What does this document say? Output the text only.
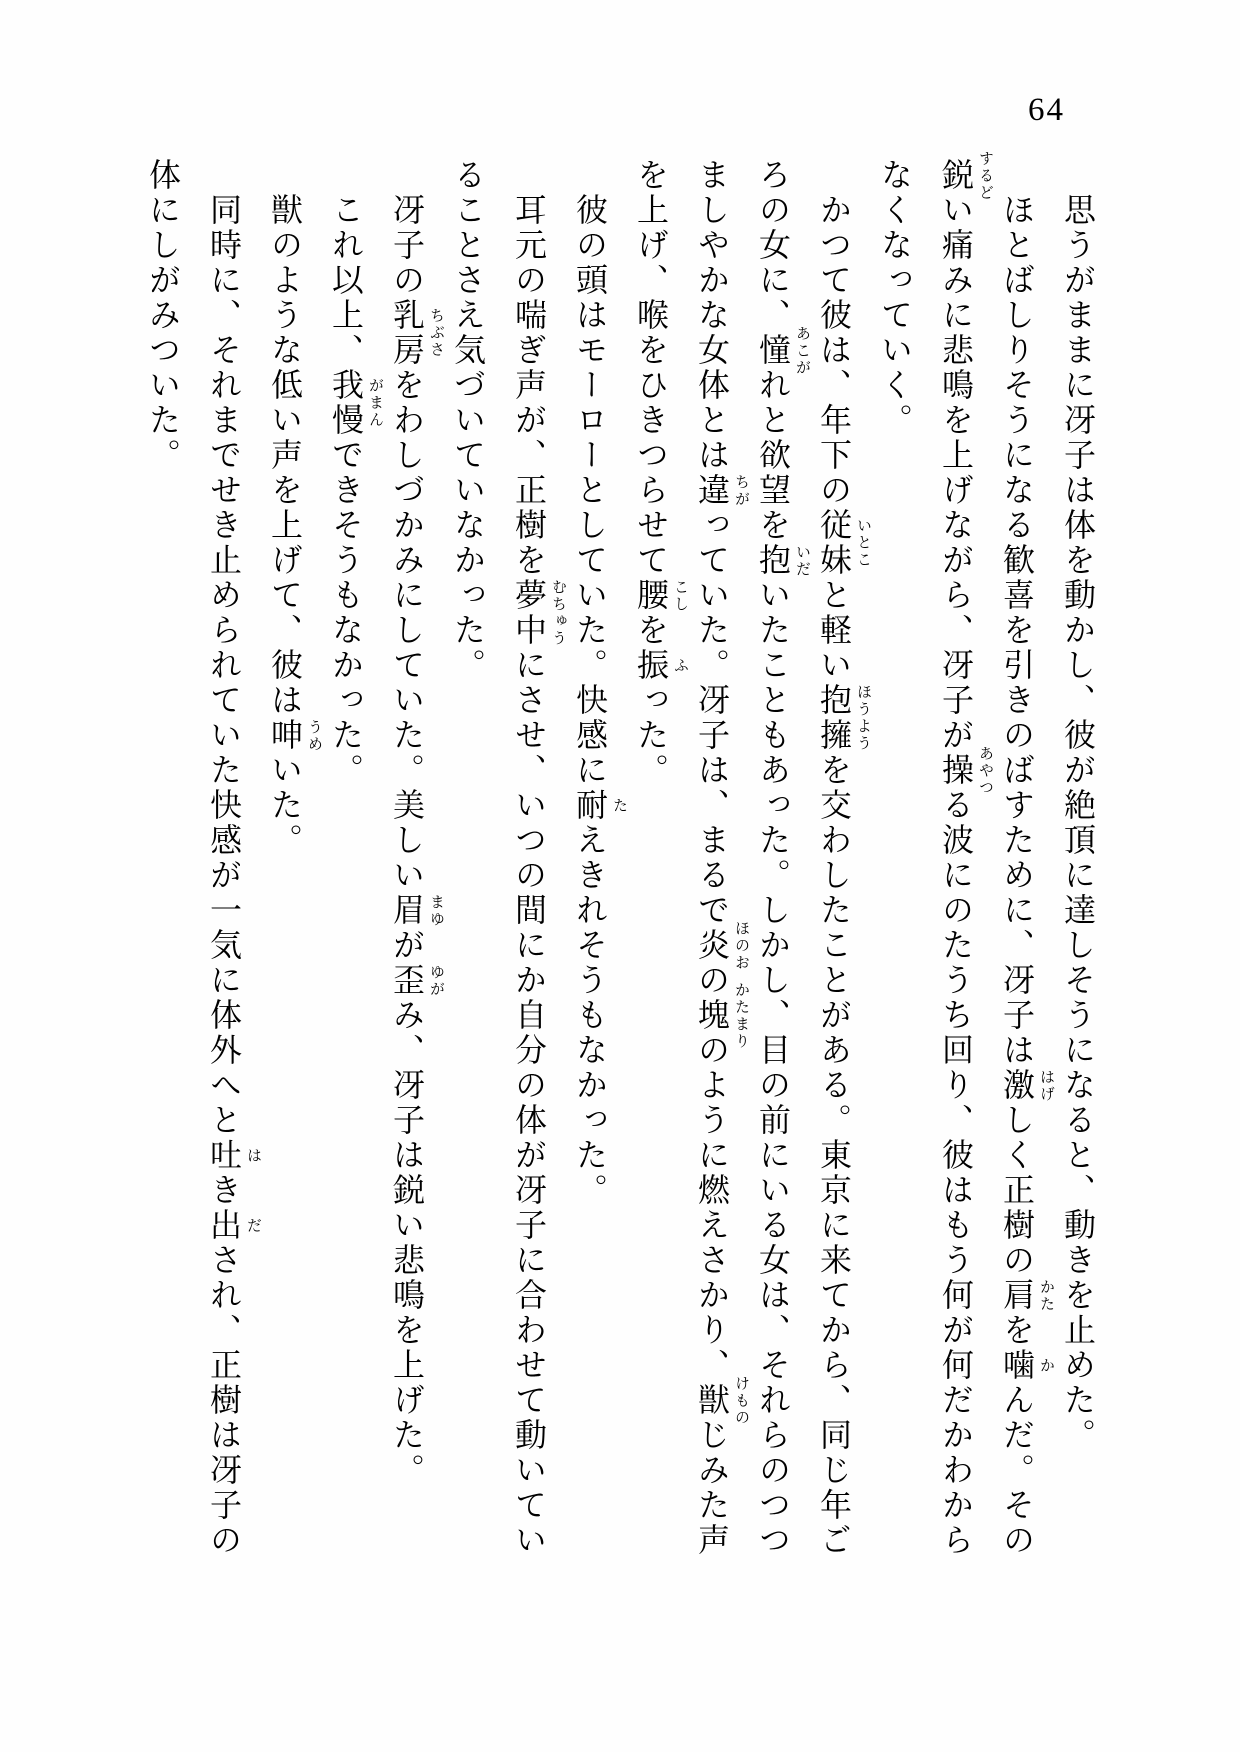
64

思うがままに冴子は体を動かし、彼が絶頂に達しそうになると、動きを止めた。

ほとばしりそうになる歓喜を引きのばすために、冴子は激 はげ
しく正樹の肩 かた
を噛 か
んだ。その鋭 するど
い痛みに悲鳴を上げながら、冴子が操 あやつ
る波にのたうち回り、彼はもう何が何だかわからなくなっていく。

かつて彼は、年下の従妹 いとこ
と軽い抱擁 ほうよう
を交わしたことがある。東京に来てから、同じ年ごろの女に、憧 あこが
れと欲望を抱 いだ
いたこともあった。しかし、目の前にいる女は、それらのつつましやかな女体とは違 ちが
っていた。冴子は、まるで炎 ほのお
の塊 かたまり
のように燃えさかり、獣 けもの
じみた声を上げ、喉をひきつらせて腰 こし
を振 ふ
った。

彼の頭はモーローとしていた。快感に耐 た
えきれそうもなかった。

耳元の喘ぎ声が、正樹を夢中 むちゅう
にさせ、いつの間にか自分の体が冴子に合わせて動いていることさえ気づいていなかった。

冴子の乳房 ちぶさ
をわしづかみにしていた。美しい眉 まゆ
が歪 ゆが
み、冴子は鋭い悲鳴を上げた。

これ以上、我慢 がまん
できそうもなかった。

獣のような低い声を上げて、彼は呻 うめ
いた。

同時に、それまでせき止められていた快感が一気に体外へと吐 は
き出 だ
され、正樹は冴子の体にしがみついた。
